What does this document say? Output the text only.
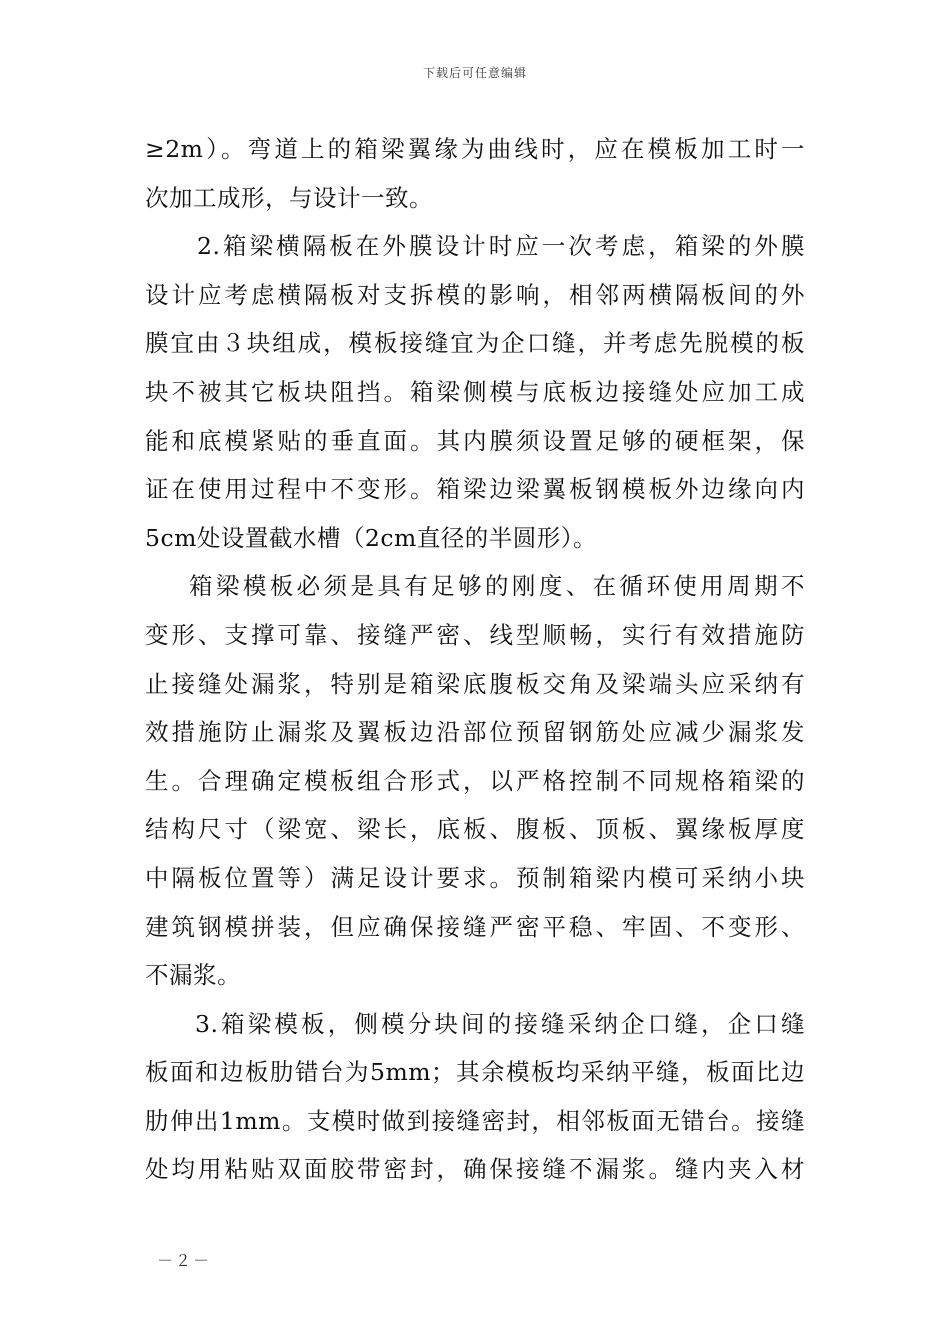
下载后可任意编辑
≥2m）。弯道上的箱梁翼缘为曲线时，应在模板加工时一
次加工成形，与设计一致。
2.箱梁横隔板在外膜设计时应一次考虑，箱梁的外膜
设计应考虑横隔板对支拆模的影响，相邻两横隔板间的外
膜宜由３块组成，模板接缝宜为企口缝，并考虑先脱模的板
块不被其它板块阻挡。箱梁侧模与底板边接缝处应加工成
能和底模紧贴的垂直面。其内膜须设置足够的硬框架，保
证在使用过程中不变形。箱梁边梁翼板钢模板外边缘向内
5cm处设置截水槽（2cm直径的半圆形）。
箱梁模板必须是具有足够的刚度、在循环使用周期不
变形、支撑可靠、接缝严密、线型顺畅，实行有效措施防
止接缝处漏浆，特别是箱梁底腹板交角及梁端头应采纳有
效措施防止漏浆及翼板边沿部位预留钢筋处应减少漏浆发
生。合理确定模板组合形式，以严格控制不同规格箱梁的
结构尺寸（梁宽、梁长，底板、腹板、顶板、翼缘板厚度
中隔板位置等）满足设计要求。预制箱梁内模可采纳小块
建筑钢模拼装，但应确保接缝严密平稳、牢固、不变形、
不漏浆。
3.箱梁模板，侧模分块间的接缝采纳企口缝，企口缝
板面和边板肋错台为5mm；其余模板均采纳平缝，板面比边
肋伸出1mm。支模时做到接缝密封，相邻板面无错台。接缝
处均用粘贴双面胶带密封，确保接缝不漏浆。缝内夹入材
－２－
